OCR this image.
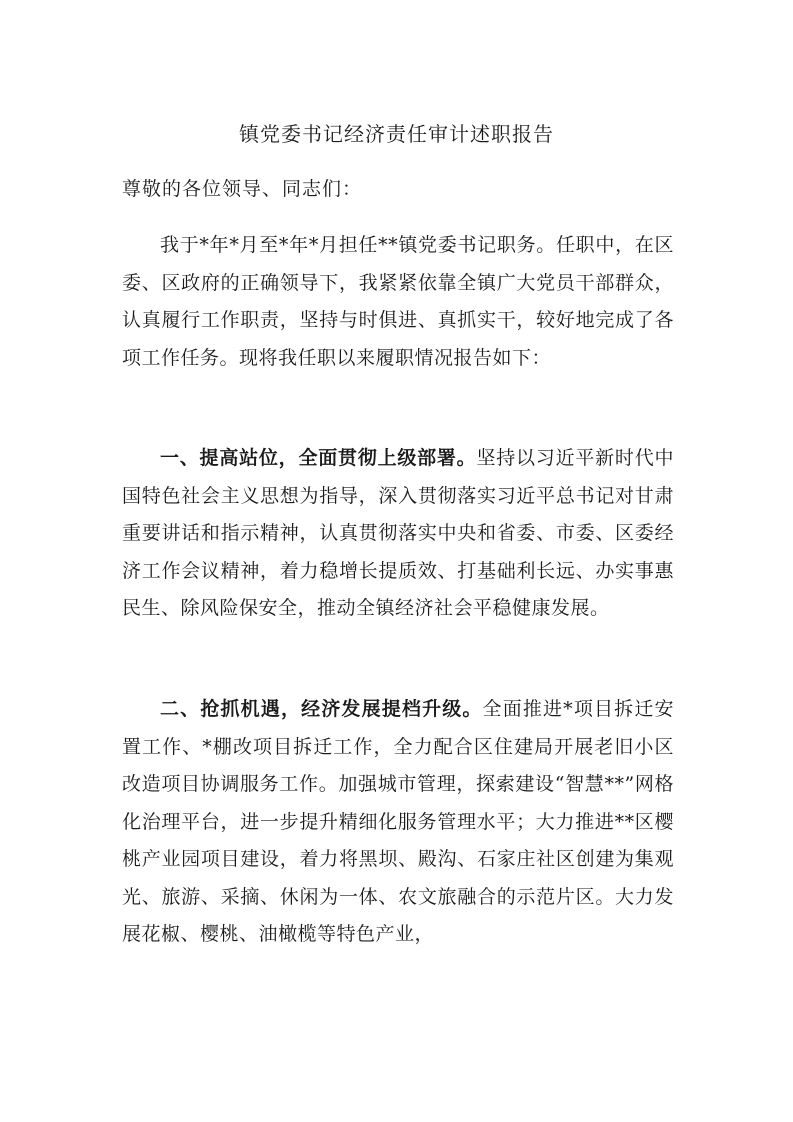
镇党委书记经济责任审计述职报告
尊敬的各位领导、同志们：

我于*年*月至*年*月担任**镇党委书记职务。任职中，在区委、区政府的正确领导下，我紧紧依靠全镇广大党员干部群众，认真履行工作职责，坚持与时俱进、真抓实干，较好地完成了各项工作任务。现将我任职以来履职情况报告如下：

一、提高站位，全面贯彻上级部署。坚持以习近平新时代中国特色社会主义思想为指导，深入贯彻落实习近平总书记对甘肃重要讲话和指示精神，认真贯彻落实中央和省委、市委、区委经济工作会议精神，着力稳增长提质效、打基础利长远、办实事惠民生、除风险保安全，推动全镇经济社会平稳健康发展。

二、抢抓机遇，经济发展提档升级。全面推进*项目拆迁安置工作、*棚改项目拆迁工作，全力配合区住建局开展老旧小区改造项目协调服务工作。加强城市管理，探索建设“智慧**”网格化治理平台，进一步提升精细化服务管理水平；大力推进**区樱桃产业园项目建设，着力将黑坝、殿沟、石家庄社区创建为集观光、旅游、采摘、休闲为一体、农文旅融合的示范片区。大力发展花椒、樱桃、油橄榄等特色产业，
